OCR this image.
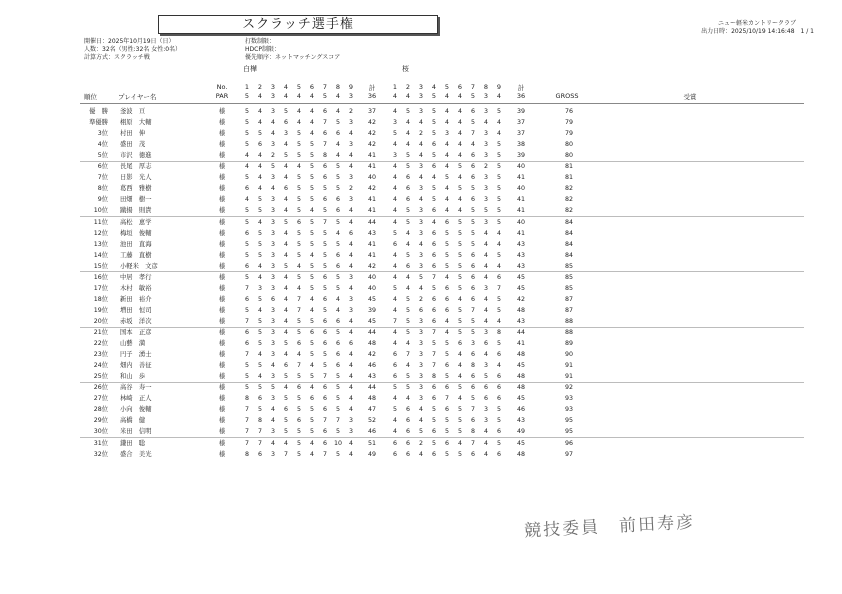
スクラッチ選手権	ニュー軽米カントリークラブ
出力日時：2025/10/19 14:16:48　1 / 1
開催日：2025年10月19日（日）
人数：32名（男性:32名 女性:0名）
計算方式：スクラッチ戦
打数制限：
HDCP制限：
優先順序：ネットマッチングスコア
白樺	桜
No.
PAR
順位	プレイヤー名
1	2	3	4	5	6	7	8	9
5	4	3	4	4	4	5	4	3
計
36
1	2	3	4	5	6	7	8	9
4	4	3	5	4	4	5	3	4
計
36	GROSS	受賞
優　勝 釜波　亘	様	5	4	3	5	4	4	6	4	2	37	4	5	3	5	4	4	6	3	5	39	76
準優勝 栩原　大輔	様	5	4	4	6	4	4	7	5	3	42	3	4	4	5	4	4	5	4	4	37	79
3位 村田　伸	様	5	5	4	3	5	4	6	6	4	42	5	4	2	5	3	4	7	3	4	37	79
4位 盛田　茂	様	5	6	3	4	5	5	7	4	3	42	4	4	4	6	4	4	4	3	5	38	80
5位 市沢　徳進	様	4	4	2	5	5	5	8	4	4	41	3	5	4	5	4	4	6	3	5	39	80
6位 長尾　厚志	様	4	4	5	4	4	5	6	5	4	41	4	5	3	6	4	5	6	2	5	40	81
7位 日影　光人	様	5	4	3	4	5	5	6	5	3	40	4	6	4	4	5	4	6	3	5	41	81
8位 葛西　雅樹	様	6	4	4	6	5	5	5	5	2	42	4	6	3	5	4	5	5	3	5	40	82
9位 田畑　樹一	様	4	5	3	4	5	5	6	6	3	41	4	6	4	5	4	4	6	3	5	41	82
10位 蹴揚　則貴	様	5	5	3	4	5	4	5	6	4	41	4	5	3	6	4	4	5	5	5	41	82
11位 高松　恵学	様	5	4	3	5	6	5	7	5	4	44	4	5	3	4	6	5	5	3	5	40	84
12位 梅垣　俊輔	様	6	5	3	4	5	5	5	4	6	43	5	4	3	6	5	5	5	4	4	41	84
13位 池田　直海	様	5	5	3	4	5	5	5	5	4	41	6	4	4	6	5	5	5	4	4	43	84
14位 工藤　直樹	様	5	5	3	4	5	4	5	6	4	41	4	5	3	6	5	5	6	4	5	43	84
15位 小軽米　文彦	様	6	4	3	5	4	5	5	6	4	42	4	6	3	6	5	5	6	4	4	43	85
16位 中居　孝行	様	5	4	3	4	5	5	6	5	3	40	4	4	5	7	4	5	6	4	6	45	85
17位 木村　敏裕	様	7	3	3	4	4	5	5	5	4	40	5	4	4	5	6	5	6	3	7	45	85
18位 新田　裕介	様	6	5	6	4	7	4	6	4	3	45	4	5	2	6	6	4	6	4	5	42	87
19位 増田　恒司	様	5	4	3	4	7	4	5	4	3	39	4	5	6	6	6	5	7	4	5	48	87
20位 赤坂　洋次	様	7	5	3	4	5	5	6	6	4	45	7	5	3	6	4	5	5	4	4	43	88
21位 国本　正彦	様	6	5	3	4	5	6	6	5	4	44	4	5	3	7	4	5	5	3	8	44	88
22位 山藝　満	様	6	5	3	5	6	5	6	6	6	48	4	4	3	5	5	6	3	6	5	41	89
23位 円子　湧士	様	7	4	3	4	4	5	5	6	4	42	6	7	3	7	5	4	6	4	6	48	90
24位 畑内　善征	様	5	5	4	6	7	4	5	6	4	46	6	4	3	7	6	4	8	3	4	45	91
25位 和山　歩	様	5	4	3	5	5	5	7	5	4	43	6	5	3	8	5	4	6	5	6	48	91
26位 高谷　寿一	様	5	5	5	4	6	4	6	5	4	44	5	5	3	6	6	5	6	6	6	48	92
27位 林崎　正人	様	8	6	3	5	5	6	6	5	4	48	4	4	3	6	7	4	5	6	6	45	93
28位 小向　俊輔	様	7	5	4	6	5	5	6	5	4	47	5	6	4	5	6	5	7	3	5	46	93
29位 高橋　健	様	7	8	4	5	6	5	7	7	3	52	4	6	4	5	5	5	6	3	5	43	95
30位 米田　信明	様	7	7	3	5	5	5	6	5	3	46	4	6	5	6	5	5	8	4	6	49	95
31位 鎌田　聡	様	7	7	4	4	5	4	6	10	4	51	6	6	2	5	6	4	7	4	5	45	96
32位 盛合　美光	様	8	6	3	7	5	4	7	5	4	49	6	6	4	6	5	5	6	4	6	48	97
競技委員　前田寿彦
